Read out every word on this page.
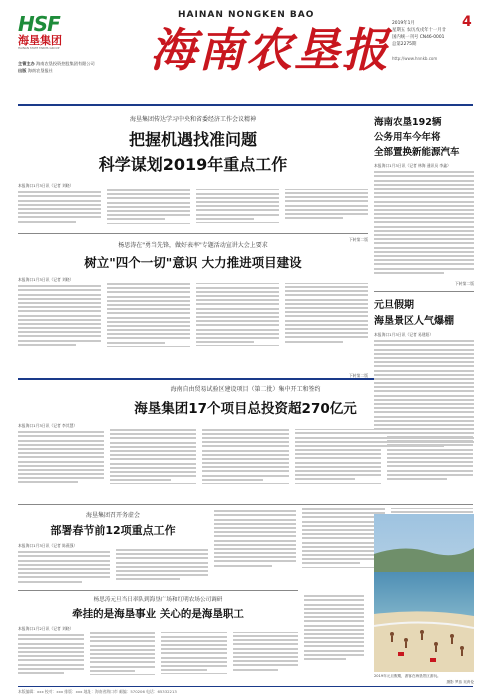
HSF
海垦集团
HAINAN STATE FARMS GROUP
主管主办 海南农垦投资控股集团有限公司
出版 海南农垦报社
HAINAN NONGKEN BAO
海南农垦报 2019年1月
星期五 农历戊戌年十一月廿
国内统一刊号 CN46-0001
总第2275期
4
http://www.hnnkb.com
海垦集团传达学习中央和省委经济工作会议精神
把握机遇找准问题
科学谋划2019年重点工作
本报海口1月3日讯（记者 刘晓）
下转第二版
杨思涛在"勇当先锋，做好表率"专题活动宣讲大会上要求
树立"四个一切"意识 大力推进项目建设
本报海口1月3日讯（记者 刘晓）
下转第二版
海南自由贸易试验区建设项目（第二批）集中开工和签约
海垦集团17个项目总投资超270亿元
本报海口1月3日讯（记者 李其慧）
海垦集团召开务虚会
部署春节前12项重点工作
本报海口1月3日讯（记者 陈燕强）
杨思涛元旦当日率队到海垦广场和红明农场公司调研
牵挂的是海垦事业 关心的是海垦职工
本报海口1月2日讯（记者 刘晓）
海南农垦192辆
公务用车今年将
全部置换新能源汽车
本报海口1月3日讯（记者 林海 通讯员 李鑫）
下转第二版
元旦假期
海垦景区人气爆棚
本报海口1月3日讯（记者 易建阳）
2019年元旦假期，游客在海垦景区游玩。
摄影 罗蕊 吴育伦
本版编辑：xxx 校对：xxx 排版：xxx 地址：海南省海口市 邮编：570206 电话：65332213
